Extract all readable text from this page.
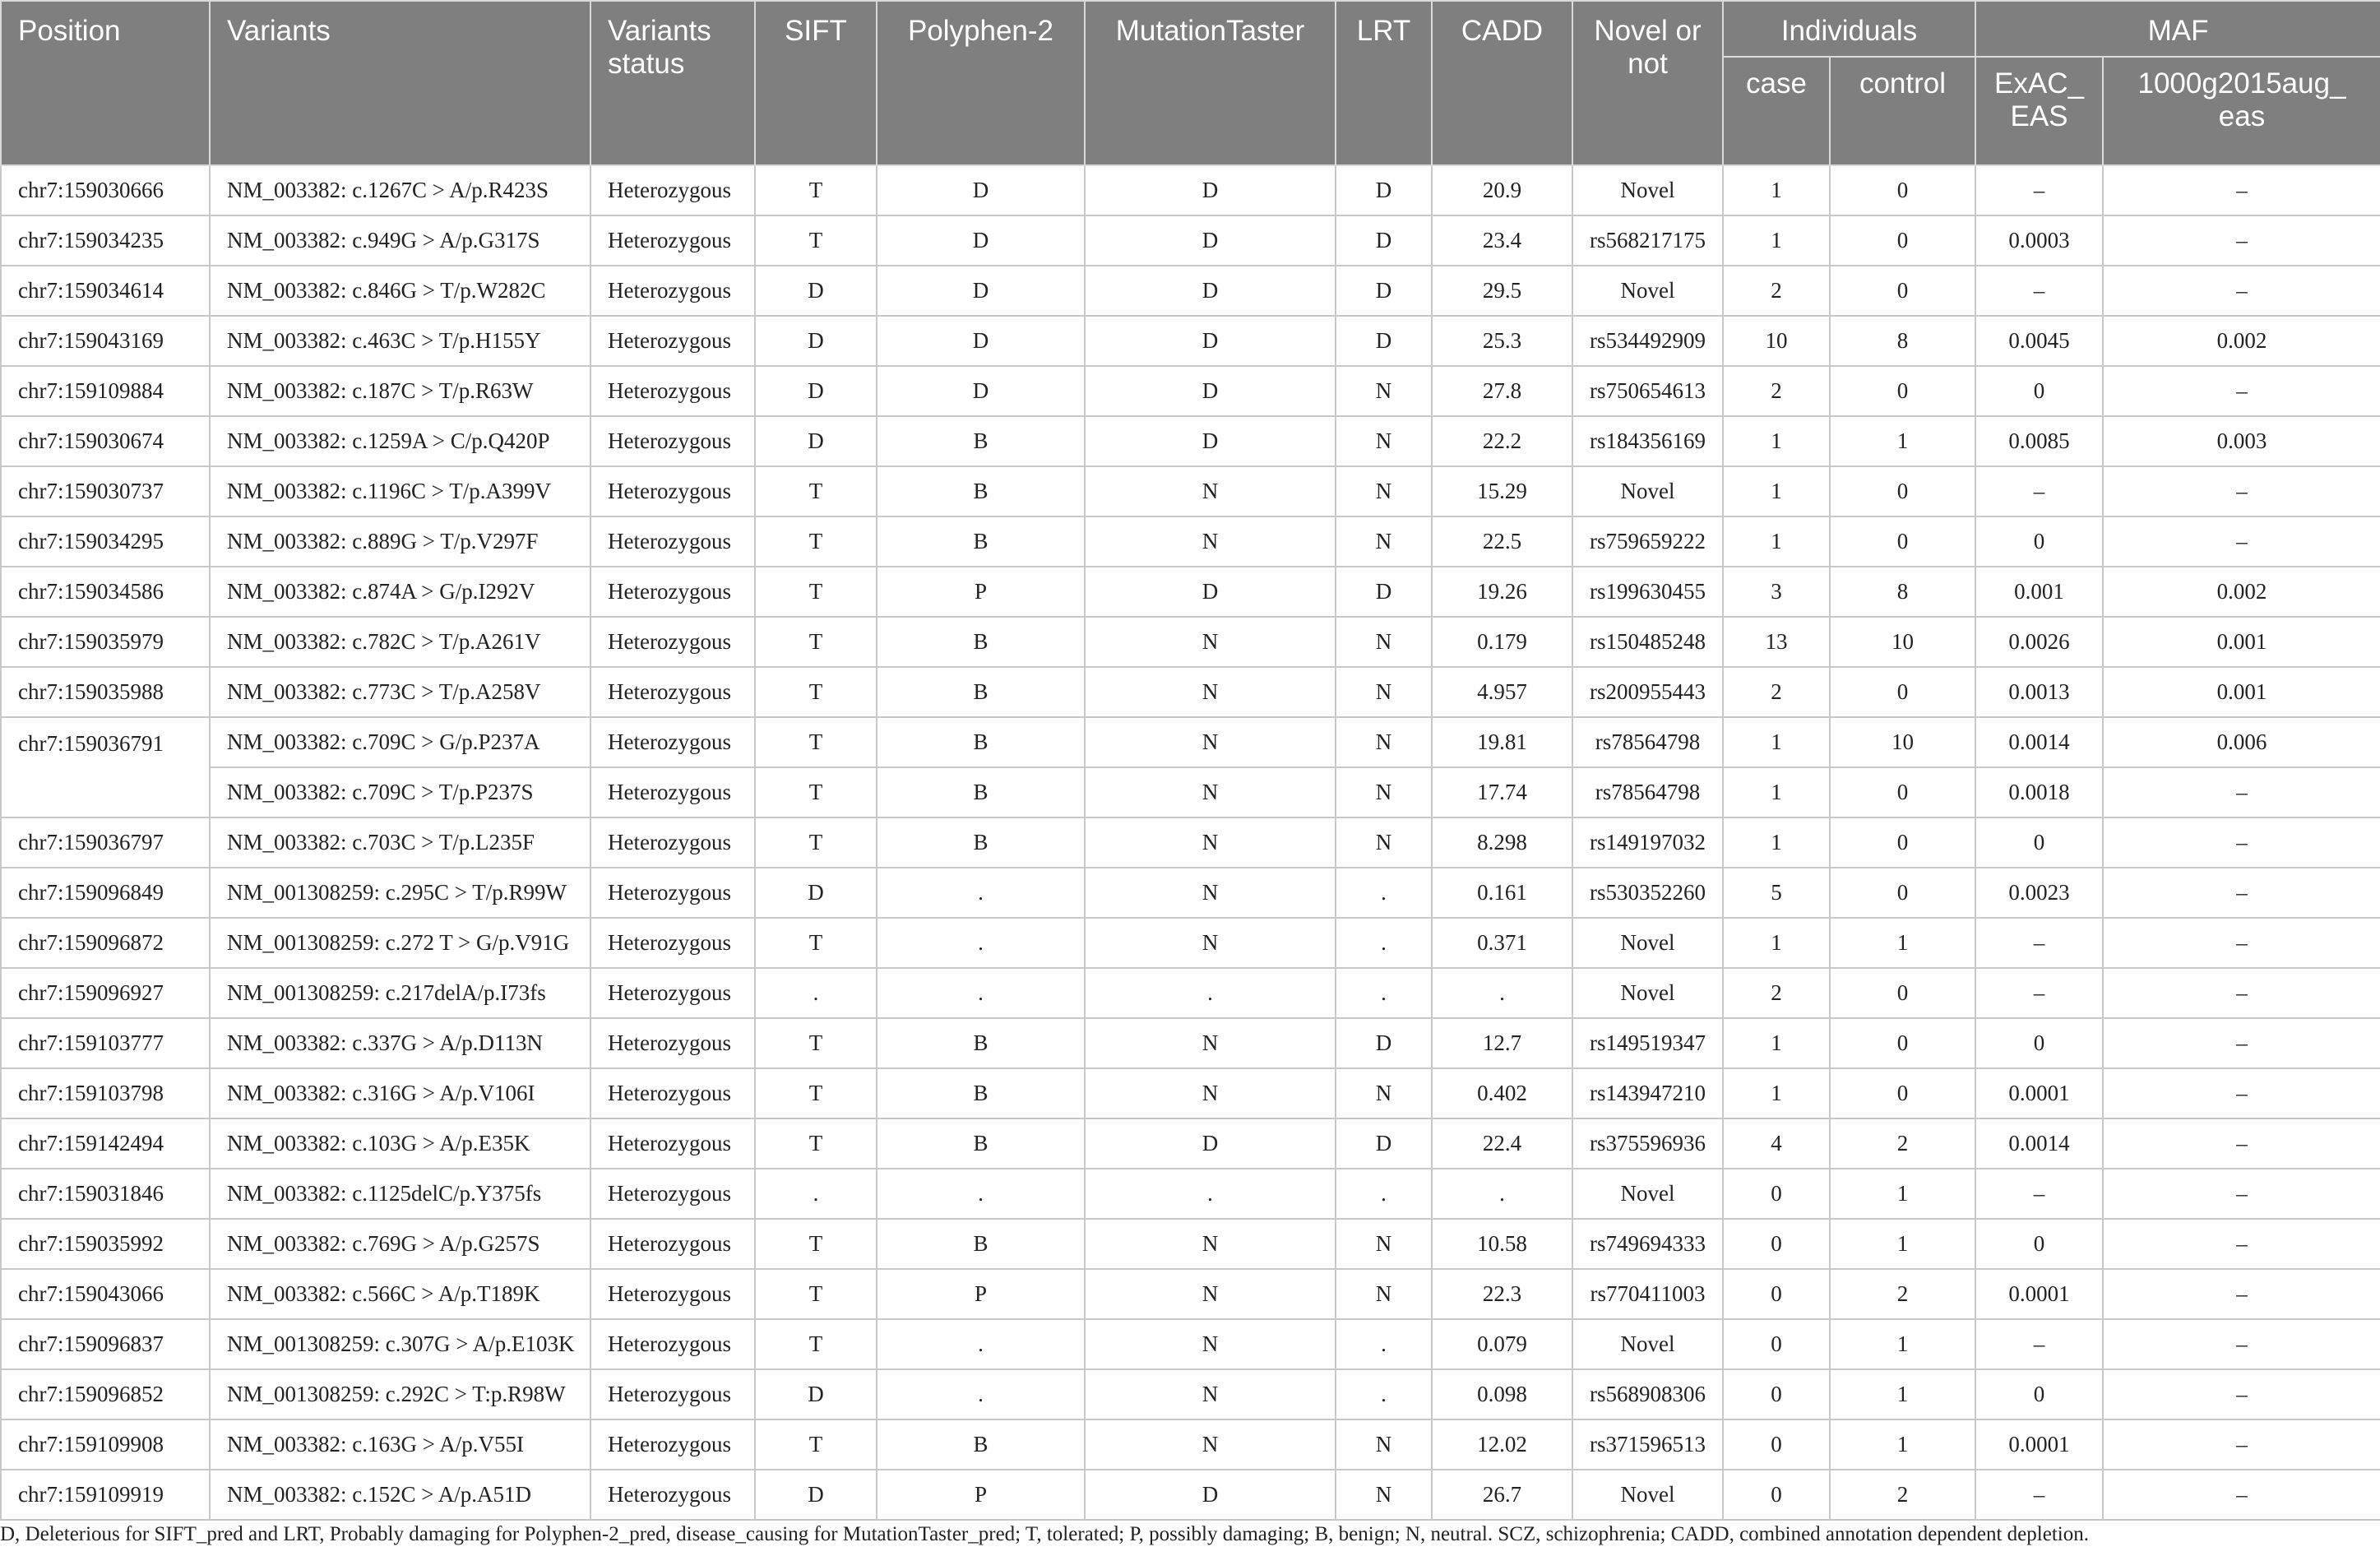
Position	Variants	Variants status	SIFT	Polyphen-2	MutationTaster	LRT	CADD	Novel or not	Individuals		MAF	
									case	control	ExAC_ EAS	1000g2015aug_ eas
chr7:159030666	NM_003382: c.1267C > A/p.R423S	Heterozygous	T	D	D	D	20.9	Novel	1	0	–	–
chr7:159034235	NM_003382: c.949G > A/p.G317S	Heterozygous	T	D	D	D	23.4	rs568217175	1	0	0.0003	–
chr7:159034614	NM_003382: c.846G > T/p.W282C	Heterozygous	D	D	D	D	29.5	Novel	2	0	–	–
chr7:159043169	NM_003382: c.463C > T/p.H155Y	Heterozygous	D	D	D	D	25.3	rs534492909	10	8	0.0045	0.002
chr7:159109884	NM_003382: c.187C > T/p.R63W	Heterozygous	D	D	D	N	27.8	rs750654613	2	0	0	–
chr7:159030674	NM_003382: c.1259A > C/p.Q420P	Heterozygous	D	B	D	N	22.2	rs184356169	1	1	0.0085	0.003
chr7:159030737	NM_003382: c.1196C > T/p.A399V	Heterozygous	T	B	N	N	15.29	Novel	1	0	–	–
chr7:159034295	NM_003382: c.889G > T/p.V297F	Heterozygous	T	B	N	N	22.5	rs759659222	1	0	0	–
chr7:159034586	NM_003382: c.874A > G/p.I292V	Heterozygous	T	P	D	D	19.26	rs199630455	3	8	0.001	0.002
chr7:159035979	NM_003382: c.782C > T/p.A261V	Heterozygous	T	B	N	N	0.179	rs150485248	13	10	0.0026	0.001
chr7:159035988	NM_003382: c.773C > T/p.A258V	Heterozygous	T	B	N	N	4.957	rs200955443	2	0	0.0013	0.001
chr7:159036791	NM_003382: c.709C > G/p.P237A	Heterozygous	T	B	N	N	19.81	rs78564798	1	10	0.0014	0.006
	NM_003382: c.709C > T/p.P237S	Heterozygous	T	B	N	N	17.74	rs78564798	1	0	0.0018	–
chr7:159036797	NM_003382: c.703C > T/p.L235F	Heterozygous	T	B	N	N	8.298	rs149197032	1	0	0	–
chr7:159096849	NM_001308259: c.295C > T/p.R99W	Heterozygous	D	.	N	.	0.161	rs530352260	5	0	0.0023	–
chr7:159096872	NM_001308259: c.272 T > G/p.V91G	Heterozygous	T	.	N	.	0.371	Novel	1	1	–	–
chr7:159096927	NM_001308259: c.217delA/p.I73fs	Heterozygous	.	.	.	.	.	Novel	2	0	–	–
chr7:159103777	NM_003382: c.337G > A/p.D113N	Heterozygous	T	B	N	D	12.7	rs149519347	1	0	0	–
chr7:159103798	NM_003382: c.316G > A/p.V106I	Heterozygous	T	B	N	N	0.402	rs143947210	1	0	0.0001	–
chr7:159142494	NM_003382: c.103G > A/p.E35K	Heterozygous	T	B	D	D	22.4	rs375596936	4	2	0.0014	–
chr7:159031846	NM_003382: c.1125delC/p.Y375fs	Heterozygous	.	.	.	.	.	Novel	0	1	–	–
chr7:159035992	NM_003382: c.769G > A/p.G257S	Heterozygous	T	B	N	N	10.58	rs749694333	0	1	0	–
chr7:159043066	NM_003382: c.566C > A/p.T189K	Heterozygous	T	P	N	N	22.3	rs770411003	0	2	0.0001	–
chr7:159096837	NM_001308259: c.307G > A/p.E103K	Heterozygous	T	.	N	.	0.079	Novel	0	1	–	–
chr7:159096852	NM_001308259: c.292C > T:p.R98W	Heterozygous	D	.	N	.	0.098	rs568908306	0	1	0	–
chr7:159109908	NM_003382: c.163G > A/p.V55I	Heterozygous	T	B	N	N	12.02	rs371596513	0	1	0.0001	–
chr7:159109919	NM_003382: c.152C > A/p.A51D	Heterozygous	D	P	D	N	26.7	Novel	0	2	–	–
D, Deleterious for SIFT_pred and LRT, Probably damaging for Polyphen-2_pred, disease_causing for MutationTaster_pred; T, tolerated; P, possibly damaging; B, benign; N, neutral. SCZ, schizophrenia; CADD, combined annotation dependent depletion.
